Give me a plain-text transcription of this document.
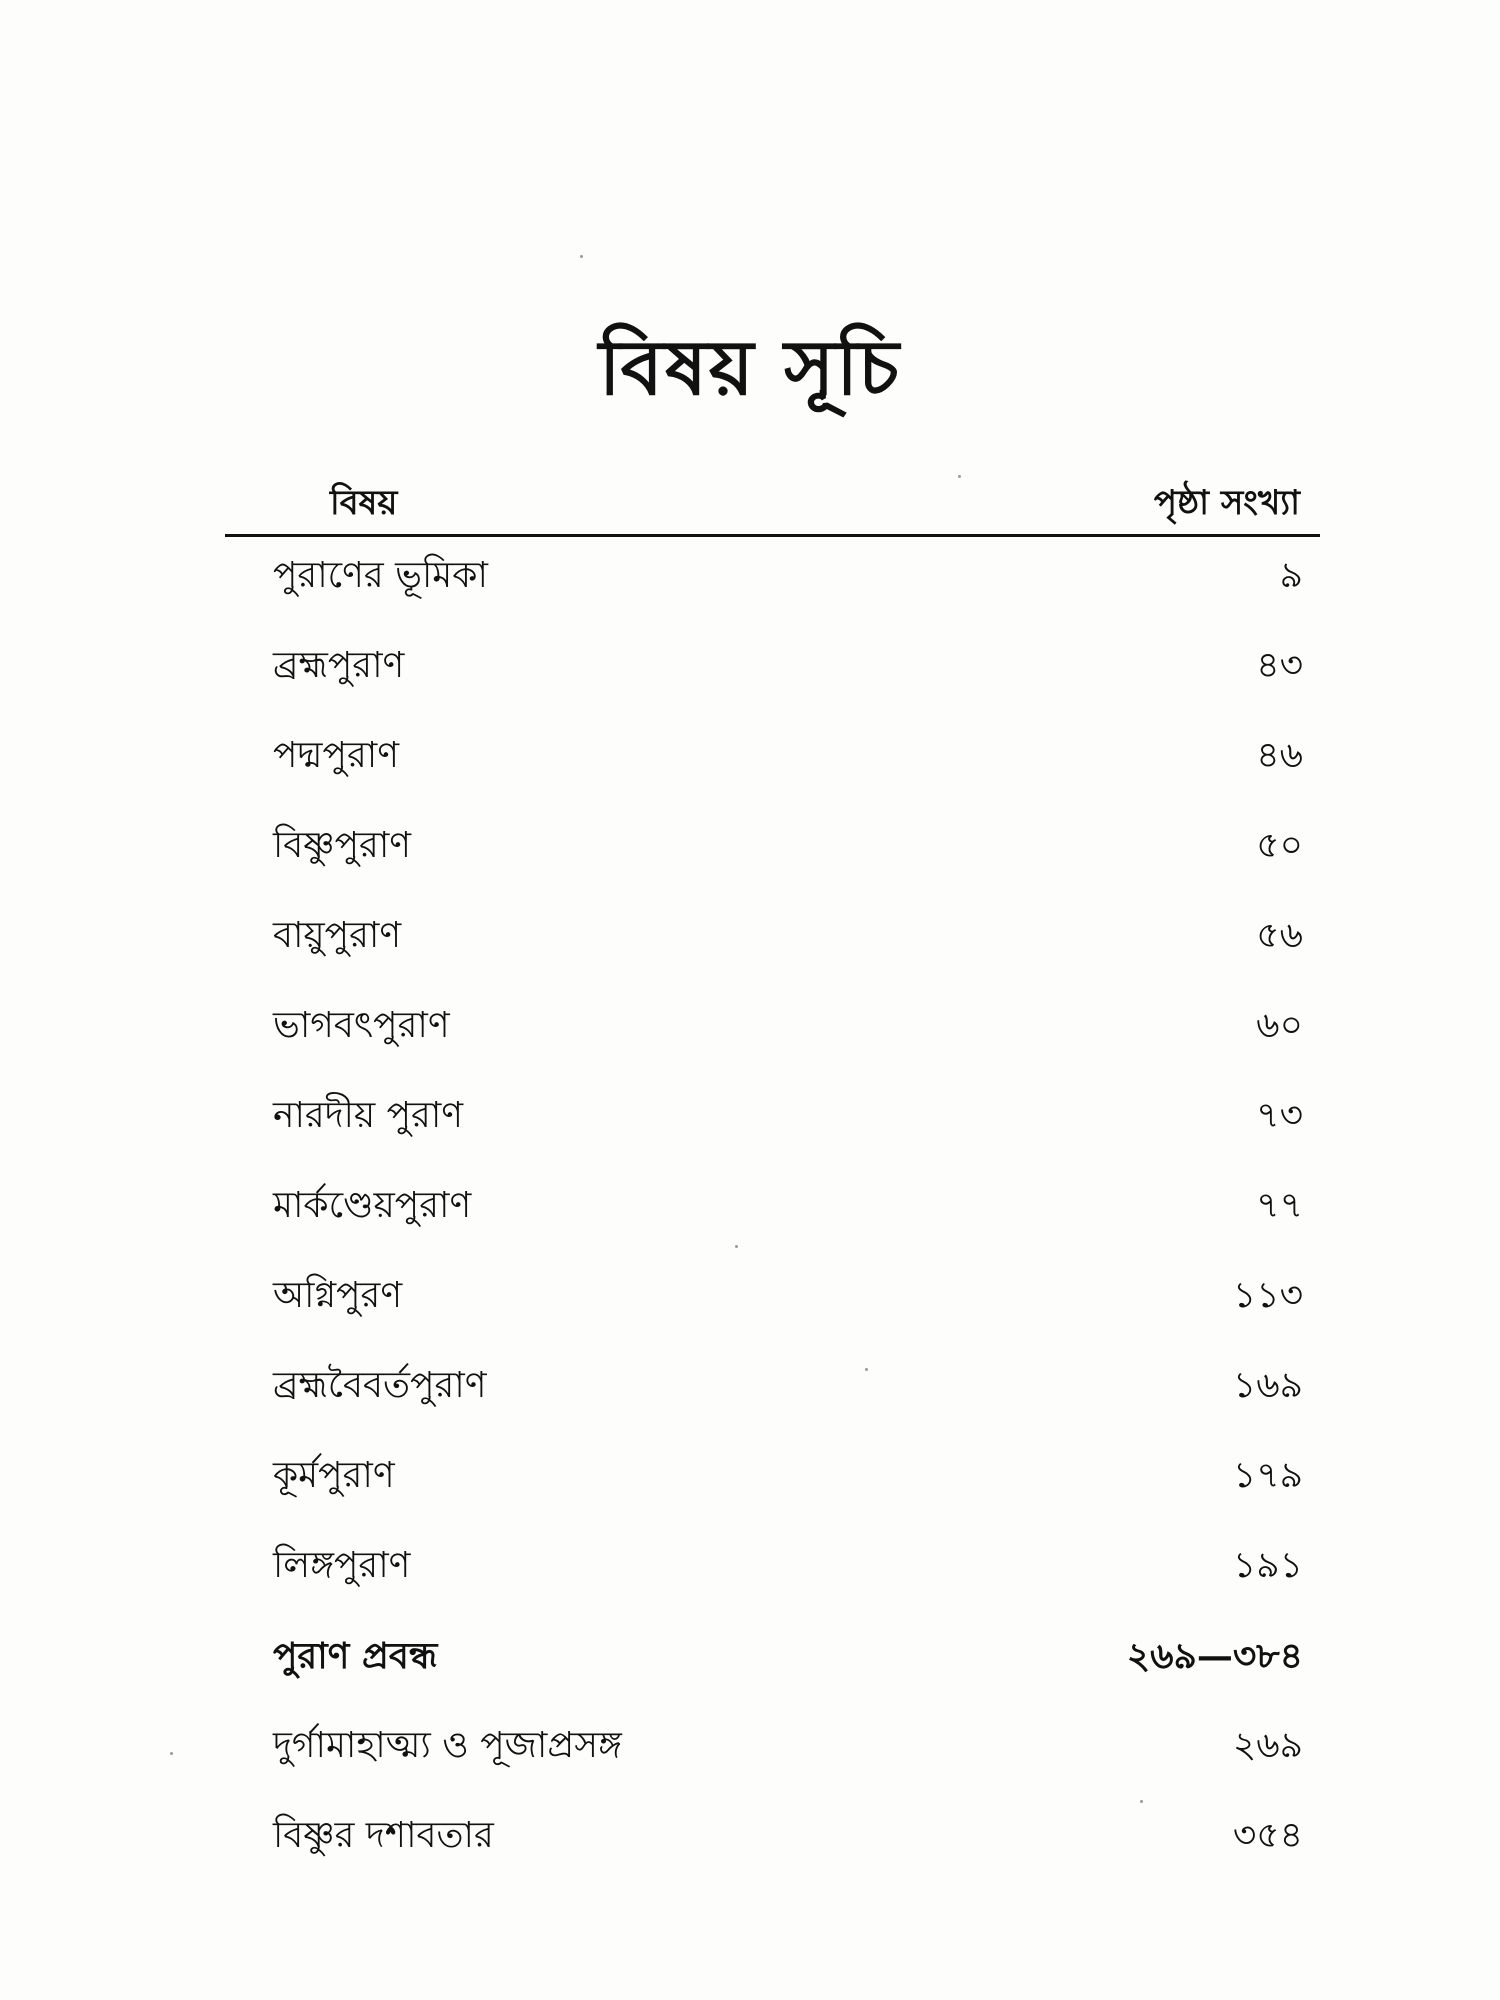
বিষয় সূচি
বিষয়	পৃষ্ঠা সংখ্যা
পুরাণের ভূমিকা	৯
ব্রহ্মপুরাণ	৪৩
পদ্মপুরাণ	৪৬
বিষ্ণুপুরাণ	৫০
বায়ুপুরাণ	৫৬
ভাগবৎপুরাণ	৬০
নারদীয় পুরাণ	৭৩
মার্কণ্ডেয়পুরাণ	৭৭
অগ্নিপুরণ	১১৩
ব্রহ্মবৈবর্তপুরাণ	১৬৯
কূর্মপুরাণ	১৭৯
লিঙ্গপুরাণ	১৯১
পুরাণ প্রবন্ধ	২৬৯—৩৮৪
দুর্গামাহাত্ম্য ও পূজাপ্রসঙ্গ	২৬৯
বিষ্ণুর দশাবতার	৩৫৪
